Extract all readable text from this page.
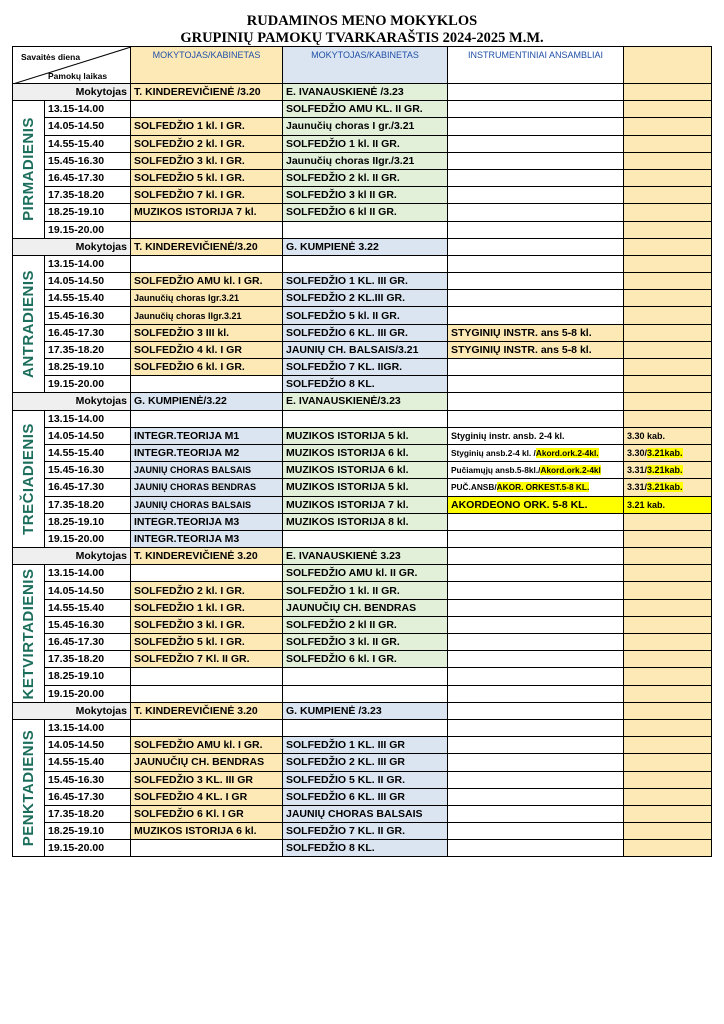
RUDAMINOS MENO MOKYKLOS
GRUPINIŲ PAMOKŲ TVARKARAŠTIS 2024-2025 M.M.
Savaitės diena
Pamokų laikas		MOKYTOJAS/KABINETAS	MOKYTOJAS/KABINETAS	INSTRUMENTINIAI ANSAMBLIAI	
Mokytojas		T. KINDEREVIČIENĖ /3.20	E. IVANAUSKIENĖ /3.23		

PIRMADIENIS	13.15-14.00		SOLFEDŽIO AMU KL. II GR.		
	14.05-14.50	SOLFEDŽIO 1 kl. I GR.	Jaunučių choras I gr./3.21		
	14.55-15.40	SOLFEDŽIO 2 kl. I GR.	SOLFEDŽIO 1 kl. II GR.		
	15.45-16.30	SOLFEDŽIO 3 kl. I GR.	Jaunučių choras IIgr./3.21		
	16.45-17.30	SOLFEDŽIO 5 kl. I GR.	SOLFEDŽIO 2 kl. II GR.		
	17.35-18.20	SOLFEDŽIO 7 kl. I GR.	SOLFEDŽIO 3 kl II GR.		
	18.25-19.10	MUZIKOS ISTORIJA 7 kl.	SOLFEDŽIO 6 kl II GR.		
	19.15-20.00				
Mokytojas		T. KINDEREVIČIENĖ/3.20	G. KUMPIENĖ 3.22		

ANTRADIENIS	13.15-14.00				
	14.05-14.50	SOLFEDŽIO AMU kl. I GR.	SOLFEDŽIO 1 KL. III GR.		
	14.55-15.40	Jaunučių choras Igr.3.21	SOLFEDŽIO 2 KL.III GR.		
	15.45-16.30	Jaunučių choras IIgr.3.21	SOLFEDŽIO 5 kl. II GR.		
	16.45-17.30	SOLFEDŽIO 3 III kl.	SOLFEDŽIO 6 KL. III GR.	STYGINIŲ INSTR. ans 5-8 kl.	
	17.35-18.20	SOLFEDŽIO 4 kl. I GR	JAUNIŲ CH. BALSAIS/3.21	STYGINIŲ INSTR. ans 5-8 kl.	
	18.25-19.10	SOLFEDŽIO 6 kl. I GR.	SOLFEDŽIO 7 KL. IIGR.		
	19.15-20.00		SOLFEDŽIO 8 KL.		
Mokytojas		G. KUMPIENĖ/3.22	E. IVANAUSKIENĖ/3.23		

TREČIADIENIS	13.15-14.00				
	14.05-14.50	INTEGR.TEORIJA M1	MUZIKOS ISTORIJA 5 kl.	Styginių instr. ansb. 2-4 kl.	3.30 kab.
	14.55-15.40	INTEGR.TEORIJA M2	MUZIKOS ISTORIJA 6 kl.	Styginių ansb.2-4 kl. /Akord.ork.2-4kl.	3.30/3.21kab.
	15.45-16.30	JAUNIŲ CHORAS BALSAIS	MUZIKOS ISTORIJA 6 kl.	Pučiamųjų ansb.5-8kl./Akord.ork.2-4kl	3.31/3.21kab.
	16.45-17.30	JAUNIŲ CHORAS BENDRAS	MUZIKOS ISTORIJA 5 kl.	PUČ.ANSB/AKOR. ORKEST.5-8 KL.	3.31/3.21kab.
	17.35-18.20	JAUNIŲ CHORAS BALSAIS	MUZIKOS ISTORIJA 7 kl.	AKORDEONO ORK. 5-8 KL.	3.21 kab.
	18.25-19.10	INTEGR.TEORIJA M3	MUZIKOS ISTORIJA 8 kl.		
	19.15-20.00	INTEGR.TEORIJA M3			
Mokytojas		T. KINDEREVIČIENĖ 3.20	E. IVANAUSKIENĖ 3.23		

KETVIRTADIENIS	13.15-14.00		SOLFEDŽIO AMU kl. II GR.		
	14.05-14.50	SOLFEDŽIO 2 kl. I GR.	SOLFEDŽIO 1 kl. II GR.		
	14.55-15.40	SOLFEDŽIO 1 kl. I GR.	JAUNUČIŲ CH. BENDRAS		
	15.45-16.30	SOLFEDŽIO 3 kl. I GR.	SOLFEDŽIO 2 kl II GR.		
	16.45-17.30	SOLFEDŽIO 5 kl. I GR.	SOLFEDŽIO 3 kl. II GR.		
	17.35-18.20	SOLFEDŽIO 7 Kl. II GR.	SOLFEDŽIO 6 kl. I GR.		
	18.25-19.10				
	19.15-20.00				
Mokytojas		T. KINDEREVIČIENĖ 3.20	G. KUMPIENĖ /3.23		

PENKTADIENIS	13.15-14.00				
	14.05-14.50	SOLFEDŽIO AMU kl. I GR.	SOLFEDŽIO 1 KL. III GR		
	14.55-15.40	JAUNUČIŲ CH. BENDRAS	SOLFEDŽIO 2 KL. III GR		
	15.45-16.30	SOLFEDŽIO 3 KL. III GR	SOLFEDŽIO 5 KL. II GR.		
	16.45-17.30	SOLFEDŽIO 4 KL. I GR	SOLFEDŽIO 6 KL. III GR		
	17.35-18.20	SOLFEDŽIO 6 Kl. I GR	JAUNIŲ CHORAS BALSAIS		
	18.25-19.10	MUZIKOS ISTORIJA 6 kl.	SOLFEDŽIO 7 KL. II GR.		
	19.15-20.00		SOLFEDŽIO 8 KL.		
